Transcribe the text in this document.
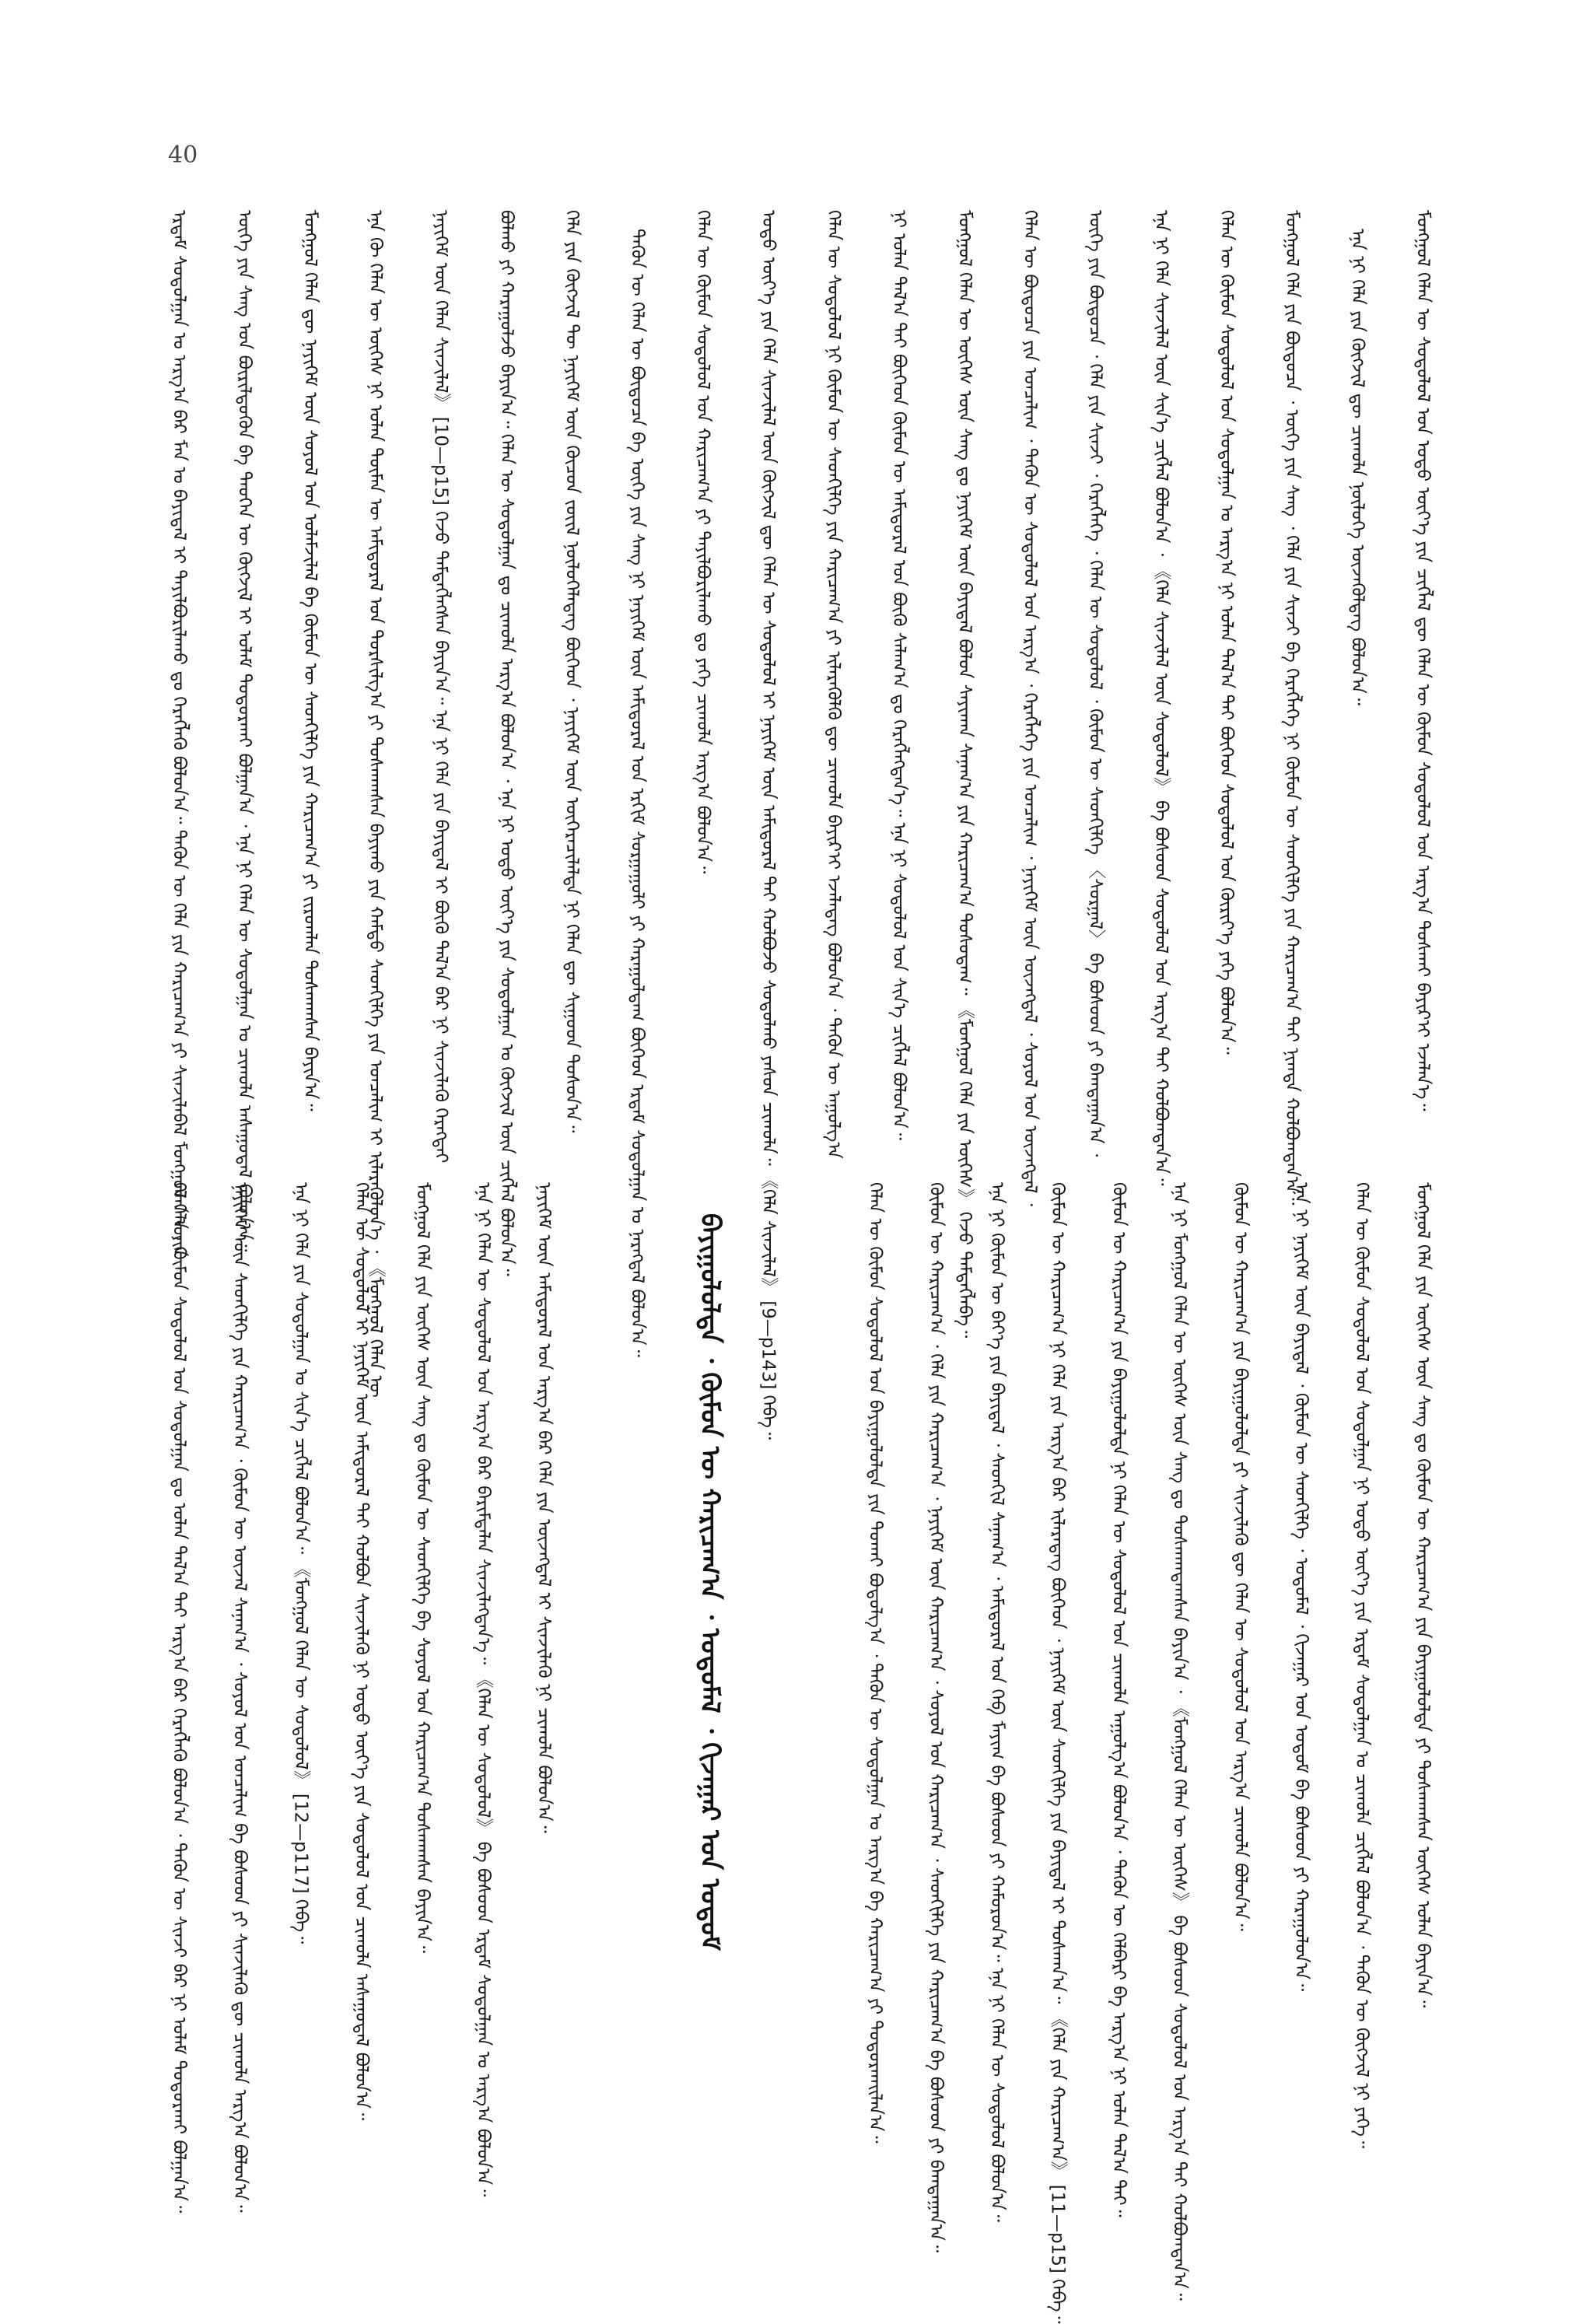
40
ᠡᠷᠳᠡᠮ ᠰᠤᠳᠤᠯᠭᠠᠨ ᠤ ᠠᠷᠭ᠎ᠠ ᠪᠠᠷ ᠮᠠᠨ ᠤ ᠪᠠᠶᠢᠳᠠᠯ ᠢ ᠲᠠᠶᠢᠯᠪᠤᠷᠢᠯᠠᠬᠤ ᠳᠤ ᠬᠡᠷᠡᠭᠯᠡᠬᠦ ᠪᠣᠯᠤᠨ᠎ᠠ᠃ ᠲᠡᠭᠦᠨ ᠦ ᠬᠡᠯᠡ ᠶᠢᠨ ᠬᠠᠷᠢᠴᠠᠭ᠎ᠠ ᠶᠢ ᠰᠢᠨᠵᠢᠯᠡᠪᠡᠯ ᠮᠣᠩᠭᠤᠯ ᠬᠡᠯᠡ ᠶᠢᠨ	ᠦᠭᠡ ᠶᠢᠨ ᠰᠠᠩ ᠤᠨ ᠪᠦᠷᠢᠯᠳᠦᠬᠦᠨ ᠪᠠ ᠲᠡᠦᠬᠡᠨ ᠦ ᠬᠦᠭᠵᠢᠯ ᠢ ᠤᠯᠠᠮ ᠲᠣᠳᠣᠷᠬᠠᠢ ᠪᠣᠯᠭᠠᠨ᠎ᠠ ᠂ ᠡᠨᠡ ᠨᠢ ᠬᠡᠯᠡᠨ ᠦ ᠰᠤᠳᠤᠯᠭᠠᠨ ᠤ ᠴᠢᠬᠤᠯᠠ ᠠᠰᠠᠭᠤᠳᠠᠯ ᠪᠣᠯᠤᠨ᠎ᠠ᠃	ᠮᠣᠩᠭᠤᠯ ᠬᠡᠯᠡᠨ ᠳᠦ ᠨᠡᠶᠢᠭᠡᠮ ᠦᠨ ᠰᠣᠶᠣᠯ ᠤᠨ ᠤᠯᠠᠮᠵᠢᠯᠠᠯ ᠪᠠ ᠬᠦᠮᠦᠨ ᠦ ᠰᠡᠳᠬᠢᠯᠭᠡ ᠶᠢᠨ ᠬᠠᠷᠢᠴᠠᠭ᠎ᠠ ᠶᠢ ᠵᠢᠷᠤᠭᠯᠠᠨ ᠲᠤᠰᠬᠠᠭᠰᠠᠨ ᠪᠠᠶᠢᠨ᠎ᠠ᠃	ᠡᠨᠡ ᠬᠦ ᠬᠡᠯᠡᠨ ᠦ ᠦᠭᠡᠰ ᠨᠢ ᠣᠯᠠᠨ ᠲᠦᠮᠡᠨ ᠦ ᠠᠮᠢᠳᠤᠷᠠᠯ ᠤᠨ ᠲᠤᠷᠰᠢᠯᠭ᠎ᠠ ᠶᠢ ᠲᠤᠰᠬᠠᠭᠰᠠᠨ ᠪᠠᠶᠢᠬᠤ ᠶᠢᠨ ᠬᠠᠮᠲᠤ ᠰᠡᠳᠬᠢᠯᠭᠡ ᠶᠢᠨ ᠣᠨᠴᠠᠯᠢᠭ ᠢ ᠢᠯᠡᠷᠡᠭᠦᠯᠦᠨ᠎ᠡ ᠂ 《ᠮᠣᠩᠭᠤᠯ ᠬᠡᠯᠡᠨ ᠦ	ᠨᠡᠶᠢᠭᠡᠮ ᠦᠨ ᠬᠡᠯᠡᠨ ᠰᠢᠨᠵᠢᠯᠡᠯ》 [10—p15] ᠭᠡᠵᠦ ᠲᠡᠮᠳᠡᠭᠯᠡᠭᠰᠡᠨ ᠪᠠᠶᠢᠨ᠎ᠠ᠃ ᠡᠨᠡ ᠨᠢ ᠬᠡᠯᠡ ᠶᠢᠨ ᠪᠠᠶᠢᠳᠠᠯ ᠢ ᠪᠦᠬᠦ ᠲᠠᠯ᠎ᠠ ᠪᠠᠷ ᠨᠢ ᠰᠢᠨᠵᠢᠯᠡᠬᠦ ᠬᠡᠷᠡᠭᠲᠡᠢ	ᠪᠣᠯᠬᠤ ᠶᠢ ᠬᠠᠷᠠᠭᠤᠯᠵᠤ ᠪᠠᠶᠢᠨ᠎ᠠ᠃ ᠬᠡᠯᠡᠨ ᠦ ᠰᠤᠳᠤᠯᠭᠠᠨ ᠳᠤ ᠴᠢᠬᠤᠯᠠ ᠠᠷᠭ᠎ᠠ ᠪᠣᠯᠤᠨ᠎ᠠ ᠂ ᠡᠨᠡ ᠨᠢ ᠣᠳᠣ ᠦᠶ᠎ᠡ ᠶᠢᠨ ᠰᠤᠳᠤᠯᠭᠠᠨ ᠤ ᠬᠦᠭᠵᠢᠯ ᠦᠨ ᠴᠢᠭᠯᠡᠯ ᠪᠣᠯᠤᠨ᠎ᠠ᠃	ᠬᠡᠯᠡ ᠶᠢᠨ ᠬᠦᠭᠵᠢᠯ ᠲᠦ ᠨᠡᠶᠢᠭᠡᠮ ᠦᠨ ᠬᠦᠴᠦᠨ ᠵᠦᠢᠯ ᠨᠥᠯᠥᠭᠡᠯᠡᠳᠡᠭ ᠪᠥᠭᠡᠳ ᠂ ᠨᠡᠶᠢᠭᠡᠮ ᠦᠨ ᠥᠭᠡᠷᠡᠴᠢᠯᠡᠯᠲᠡ ᠨᠢ ᠬᠡᠯᠡᠨ ᠳᠦ ᠰᠢᠭᠤᠳ ᠲᠤᠰᠤᠨ᠎ᠠ᠃	ᠲᠡᠭᠦᠨ ᠦ ᠬᠡᠯᠡᠨ ᠦ ᠪᠦᠲᠦᠴᠡ ᠪᠠ ᠦᠭᠡ ᠶᠢᠨ ᠰᠠᠩ ᠨᠢ ᠨᠡᠶᠢᠭᠡᠮ ᠦᠨ ᠠᠮᠢᠳᠤᠷᠠᠯ ᠤᠨ ᠡᠷᠬᠢᠮ ᠰᠤᠷᠭᠠᠭᠤᠯᠢ ᠶᠢ ᠬᠠᠷᠠᠭᠤᠯᠳᠠᠭ ᠪᠥᠭᠡᠳ ᠡᠷᠳᠡᠮ ᠰᠤᠳᠤᠯᠭᠠᠨ ᠤ ᠨᠡᠷᠡᠭᠳᠡᠯ ᠪᠣᠯᠤᠨ᠎ᠠ᠃	ᠬᠡᠯᠡᠨ ᠦ ᠬᠦᠮᠦᠨ ᠰᠤᠳᠤᠯᠤᠯ ᠤᠨ ᠬᠠᠷᠢᠴᠠᠭ᠎ᠠ ᠶᠢ ᠲᠠᠶᠢᠯᠪᠤᠷᠢᠯᠠᠬᠤ ᠳᠤ ᠶᠡᠬᠡ ᠴᠢᠬᠤᠯᠠ ᠠᠷᠭ᠎ᠠ ᠪᠣᠯᠤᠨ᠎ᠠ᠃	ᠣᠳᠣ ᠦᠶ᠎ᠡ ᠶᠢᠨ ᠬᠡᠯᠡ ᠰᠢᠨᠵᠢᠯᠡᠯ ᠦᠨ ᠬᠥᠭᠵᠢᠯ ᠳᠦ ᠬᠡᠯᠡᠨ ᠦ ᠰᠤᠳᠤᠯᠤᠯ ᠢ ᠨᠡᠶᠢᠭᠡᠮ ᠦᠨ ᠠᠮᠢᠳᠤᠷᠠᠯ ᠲᠠᠢ ᠬᠣᠯᠪᠤᠵᠤ ᠰᠤᠳᠤᠯᠬᠤ ᠶᠠᠰᠤᠨ ᠴᠢᠬᠤᠯᠠ᠃ 《ᠬᠡᠯᠡ ᠰᠢᠨᠵᠢᠯᠡᠯ》 [9—p143] ᠭᠡᠪᠡ᠃	ᠬᠡᠯᠡᠨ ᠦ ᠰᠤᠳᠤᠯᠤᠯ ᠨᠢ ᠬᠦᠮᠦᠨ ᠦ ᠰᠡᠳᠬᠢᠯᠭᠡ ᠶᠢᠨ ᠬᠠᠷᠢᠴᠠᠭ᠎ᠠ ᠶᠢ ᠢᠯᠡᠷᠡᠭᠦᠯᠬᠦ ᠳᠦ ᠴᠢᠬᠤᠯᠠ ᠪᠠᠶᠢᠷ᠎ᠢ ᠡᠵᠡᠯᠡᠳᠡᠭ ᠪᠣᠯᠤᠨ᠎ᠠ ᠂ ᠲᠡᠭᠦᠨ ᠦ ᠠᠭᠤᠯᠭ᠎ᠠ	ᠨᠢ ᠣᠯᠠᠨ ᠲᠠᠯ᠎ᠠ ᠲᠠᠢ ᠪᠥᠭᠡᠳ ᠬᠦᠮᠦᠨ ᠦ ᠠᠮᠢᠳᠤᠷᠠᠯ ᠤᠨ ᠪᠦᠬᠦ ᠰᠠᠯᠠᠭ᠎ᠠ ᠳᠤ ᠬᠡᠷᠡᠭᠯᠡᠭᠳᠡᠨ᠎ᠡ᠃ ᠡᠨᠡ ᠨᠢ ᠰᠤᠳᠤᠯᠤᠯ ᠤᠨ ᠰᠢᠨ᠎ᠡ ᠴᠢᠭᠯᠡᠯ ᠪᠣᠯᠤᠨ᠎ᠠ᠃	ᠮᠣᠩᠭᠤᠯ ᠬᠡᠯᠡᠨ ᠦ ᠦᠭᠡᠰ ᠦᠨ ᠰᠠᠩ ᠳᠤ ᠨᠡᠶᠢᠭᠡᠮ ᠦᠨ ᠪᠠᠶᠢᠳᠠᠯ ᠪᠣᠯᠤᠨ ᠰᠠᠶᠢᠬᠠᠨ ᠰᠠᠨᠠᠭ᠎ᠠ ᠶᠢᠨ ᠬᠠᠷᠢᠴᠠᠭ᠎ᠠ ᠲᠤᠰᠤᠳᠠᠭ᠃ 《ᠮᠣᠩᠭᠤᠯ ᠬᠡᠯᠡ ᠶᠢᠨ ᠦᠭᠡᠰ》 ᠭᠡᠵᠦ ᠲᠡᠮᠳᠡᠭᠯᠡᠪᠡ᠃	ᠬᠡᠯᠡᠨ ᠦ ᠪᠦᠲᠦᠴᠡ ᠶᠢᠨ ᠣᠨᠴᠠᠯᠢᠭ ᠂ ᠲᠡᠭᠦᠨ ᠦ ᠰᠤᠳᠤᠯᠤᠯ ᠤᠨ ᠠᠷᠭ᠎ᠠ ᠂ ᠬᠡᠷᠡᠭᠯᠡᠭᠡ ᠶᠢᠨ ᠣᠨᠴᠠᠯᠢᠭ ᠂ ᠨᠡᠶᠢᠭᠡᠮ ᠦᠨ ᠦᠵᠡᠭᠳᠡᠯ ᠂ ᠰᠣᠶᠣᠯ ᠤᠨ ᠦᠵᠡᠭᠳᠡᠯ ᠂	ᠦᠭᠡ ᠶᠢᠨ ᠪᠦᠲᠦᠴᠡ ᠂ ᠬᠡᠯᠡ ᠶᠢᠨ ᠰᠢᠨᠵᠢ ᠂ ᠬᠡᠷᠡᠭᠯᠡᠭᠡ ᠂ ᠬᠡᠯᠡᠨ ᠦ ᠰᠤᠳᠤᠯᠤᠯ ᠂ ᠬᠦᠮᠦᠨ ᠦ ᠰᠡᠳᠬᠢᠯᠭᠡ 〈ᠰᠤᠷᠭᠠᠯ〉 ᠪᠠ ᠪᠤᠰᠤᠳ ᠶᠢ ᠪᠠᠭᠲᠠᠭᠠᠨ᠎ᠠ ᠂	ᠡᠨᠡ ᠨᠢ ᠬᠡᠯᠡ ᠰᠢᠨᠵᠢᠯᠡᠯ ᠦᠨ ᠰᠢᠨ᠎ᠡ ᠴᠢᠭᠯᠡᠯ ᠪᠣᠯᠤᠨ᠎ᠠ ᠂ 《ᠬᠡᠯᠡ ᠰᠢᠨᠵᠢᠯᠡᠯ ᠦᠨ ᠰᠤᠳᠤᠯᠤᠯ》 ᠪᠠ ᠪᠤᠰᠤᠳ ᠰᠤᠳᠤᠯᠤᠯ ᠤᠨ ᠠᠷᠭ᠎ᠠ ᠲᠠᠢ ᠬᠣᠯᠪᠣᠭᠳᠠᠨ᠎ᠠ᠃	ᠬᠡᠯᠡᠨ ᠦ ᠬᠦᠮᠦᠨ ᠰᠤᠳᠤᠯᠤᠯ ᠤᠨ ᠰᠤᠳᠤᠯᠭᠠᠨ ᠤ ᠠᠷᠭ᠎ᠠ ᠨᠢ ᠣᠯᠠᠨ ᠲᠠᠯ᠎ᠠ ᠲᠠᠢ ᠪᠥᠭᠡᠳ ᠰᠤᠳᠤᠯᠤᠯ ᠤᠨ ᠬᠦᠷᠢᠶ᠎ᠡ ᠶᠡᠬᠡ ᠪᠣᠯᠤᠨ᠎ᠠ᠃	ᠮᠣᠩᠭᠤᠯ ᠬᠡᠯᠡ ᠶᠢᠨ ᠪᠦᠲᠦᠴᠡ ᠂ ᠦᠭᠡ ᠶᠢᠨ ᠰᠠᠩ ᠂ ᠬᠡᠯᠡ ᠶᠢᠨ ᠰᠢᠨᠵᠢ ᠪᠠ ᠬᠡᠷᠡᠭᠯᠡᠭᠡ ᠨᠢ ᠬᠦᠮᠦᠨ ᠦ ᠰᠡᠳᠬᠢᠯᠭᠡ ᠶᠢᠨ ᠬᠠᠷᠢᠴᠠᠭ᠎ᠠ ᠲᠠᠢ ᠨᠢᠭᠲᠠ ᠬᠣᠯᠪᠣᠭᠳᠠᠨ᠎ᠠ᠃	ᠡᠨᠡ ᠨᠢ ᠬᠡᠯᠡ ᠶᠢᠨ ᠬᠦᠭᠵᠢᠯ ᠳᠦ ᠴᠢᠬᠤᠯᠠ ᠨᠥᠯᠥᠭᠡ ᠦᠵᠡᠭᠦᠯᠳᠡᠭ ᠪᠣᠯᠤᠨ᠎ᠠ᠃	ᠮᠣᠩᠭᠤᠯ ᠬᠡᠯᠡᠨ ᠦ ᠰᠤᠳᠤᠯᠤᠯ ᠤᠨ ᠣᠳᠣ ᠦᠶ᠎ᠡ ᠶᠢᠨ ᠴᠢᠭᠯᠡᠯ ᠳᠦ ᠬᠡᠯᠡᠨ ᠦ ᠬᠦᠮᠦᠨ ᠰᠤᠳᠤᠯᠤᠯ ᠤᠨ ᠠᠷᠭ᠎ᠠ ᠲᠤᠰᠬᠠᠢ ᠪᠠᠶᠢᠷ᠎ᠢ ᠡᠵᠡᠯᠡᠨ᠎ᠡ᠃
ᠬᠡᠯᠡᠨ ᠦ ᠬᠦᠮᠦᠨ ᠰᠤᠳᠤᠯᠤᠯ ᠤᠨ ᠰᠤᠳᠤᠯᠭᠠᠨ ᠳᠤ ᠣᠯᠠᠨ ᠲᠠᠯ᠎ᠠ ᠲᠠᠢ ᠠᠷᠭ᠎ᠠ ᠪᠠᠷ ᠬᠡᠷᠡᠭᠯᠡᠬᠦ ᠪᠣᠯᠤᠨ᠎ᠠ ᠂ ᠲᠡᠭᠦᠨ ᠦ ᠰᠢᠨᠵᠢ ᠪᠠᠷ ᠨᠢ ᠤᠯᠠᠮ ᠲᠣᠳᠣᠷᠬᠠᠢ ᠪᠣᠯᠭᠠᠨ᠎ᠠ᠃ ᠨᠡᠶᠢᠭᠡᠮ ᠦᠨ ᠰᠡᠳᠬᠢᠯᠭᠡ ᠶᠢᠨ ᠬᠠᠷᠢᠴᠠᠭ᠎ᠠ ᠂ ᠬᠦᠮᠦᠨ ᠦ ᠦᠵᠡᠯ ᠰᠠᠨᠠᠭ᠎ᠠ ᠂ ᠰᠣᠶᠣᠯ ᠤᠨ ᠣᠨᠴᠠᠯᠢᠭ ᠪᠠ ᠪᠤᠰᠤᠳ ᠶᠢ ᠰᠢᠨᠵᠢᠯᠡᠬᠦ ᠳᠦ ᠴᠢᠬᠤᠯᠠ ᠠᠷᠭ᠎ᠠ ᠪᠣᠯᠤᠨ᠎ᠠ᠃ ᠡᠨᠡ ᠨᠢ ᠬᠡᠯᠡ ᠶᠢᠨ ᠰᠤᠳᠤᠯᠭᠠᠨ ᠤ ᠰᠢᠨ᠎ᠡ ᠴᠢᠭᠯᠡᠯ ᠪᠣᠯᠤᠨ᠎ᠠ᠃ 《ᠮᠣᠩᠭᠤᠯ ᠬᠡᠯᠡᠨ ᠦ ᠰᠤᠳᠤᠯᠤᠯ》 [12—p117] ᠭᠡᠪᠡ᠃ ᠬᠡᠯᠡᠨ ᠦ ᠰᠤᠳᠤᠯᠤᠯ ᠢ ᠨᠡᠶᠢᠭᠡᠮ ᠦᠨ ᠠᠮᠢᠳᠤᠷᠠᠯ ᠲᠠᠢ ᠬᠣᠯᠪᠣᠨ ᠰᠢᠨᠵᠢᠯᠡᠬᠦ ᠨᠢ ᠣᠳᠣ ᠦᠶ᠎ᠡ ᠶᠢᠨ ᠰᠤᠳᠤᠯᠤᠯ ᠤᠨ ᠴᠢᠬᠤᠯᠠ ᠠᠰᠠᠭᠤᠳᠠᠯ ᠪᠣᠯᠤᠨ᠎ᠠ᠃ ᠮᠣᠩᠭᠤᠯ ᠬᠡᠯᠡ ᠶᠢᠨ ᠦᠭᠡᠰ ᠦᠨ ᠰᠠᠩ ᠳᠤ ᠬᠦᠮᠦᠨ ᠦ ᠰᠡᠳᠬᠢᠯᠭᠡ ᠪᠠ ᠰᠣᠶᠣᠯ ᠤᠨ ᠬᠠᠷᠢᠴᠠᠭ᠎ᠠ ᠲᠤᠰᠬᠠᠭᠰᠠᠨ ᠪᠠᠶᠢᠨ᠎ᠠ᠃ ᠡᠨᠡ ᠨᠢ ᠬᠡᠯᠡᠨ ᠦ ᠰᠤᠳᠤᠯᠤᠯ ᠤᠨ ᠠᠷᠭ᠎ᠠ ᠪᠠᠷ ᠪᠠᠷᠢᠮᠲᠠᠯᠠᠨ ᠰᠢᠨᠵᠢᠯᠡᠭᠳᠡᠨ᠎ᠡ᠃ 《ᠬᠡᠯᠡᠨ ᠦ ᠰᠤᠳᠤᠯᠤᠯ》 ᠪᠠ ᠪᠤᠰᠤᠳ ᠡᠷᠳᠡᠮ ᠰᠤᠳᠤᠯᠭᠠᠨ ᠤ ᠠᠷᠭ᠎ᠠ ᠪᠣᠯᠤᠨ᠎ᠠ᠃ ᠨᠡᠶᠢᠭᠡᠮ ᠦᠨ ᠠᠮᠢᠳᠤᠷᠠᠯ ᠤᠨ ᠠᠷᠭ᠎ᠠ ᠪᠠᠷ ᠬᠡᠯᠡ ᠶᠢᠨ ᠦᠵᠡᠭᠳᠡᠯ ᠢ ᠰᠢᠨᠵᠢᠯᠡᠬᠦ ᠨᠢ ᠴᠢᠬᠤᠯᠠ ᠪᠣᠯᠤᠨ᠎ᠠ᠃	ᠪᠠᠶᠢᠭᠤᠯᠤᠯᠲᠠ ᠂ ᠬᠦᠮᠦᠨ ᠦ ᠬᠠᠷᠢᠴᠠᠭ᠎ᠠ ᠂ ᠣᠳᠤᠮᠠᠯ ᠂ ᠬᠢᠵᠠᠭᠠᠷ ᠤᠨ ᠤᠳᠤᠮ	ᠬᠡᠯᠡᠨ ᠦ ᠬᠦᠮᠦᠨ ᠰᠤᠳᠤᠯᠤᠯ ᠤᠨ ᠪᠠᠶᠢᠭᠤᠯᠤᠯᠲᠠ ᠶᠢᠨ ᠲᠤᠬᠠᠢ ᠪᠣᠳᠤᠯᠭ᠎ᠠ ᠂ ᠲᠡᠭᠦᠨ ᠦ ᠰᠤᠳᠤᠯᠭᠠᠨ ᠤ ᠠᠷᠭ᠎ᠠ ᠪᠠ ᠬᠠᠷᠢᠴᠠᠭ᠎ᠠ ᠶᠢ ᠲᠣᠳᠣᠷᠬᠠᠢᠯᠠᠨ᠎ᠠ᠃ ᠬᠦᠮᠦᠨ ᠦ ᠬᠠᠷᠢᠴᠠᠭ᠎ᠠ ᠂ ᠬᠡᠯᠡ ᠶᠢᠨ ᠬᠠᠷᠢᠴᠠᠭ᠎ᠠ ᠂ ᠨᠡᠶᠢᠭᠡᠮ ᠦᠨ ᠬᠠᠷᠢᠴᠠᠭ᠎ᠠ ᠂ ᠰᠣᠶᠣᠯ ᠤᠨ ᠬᠠᠷᠢᠴᠠᠭ᠎ᠠ ᠂ ᠰᠡᠳᠬᠢᠯᠭᠡ ᠶᠢᠨ ᠬᠠᠷᠢᠴᠠᠭ᠎ᠠ ᠪᠠ ᠪᠤᠰᠤᠳ ᠶᠢ ᠪᠠᠭᠲᠠᠭᠠᠨ᠎ᠠ᠃ ᠡᠨᠡ ᠨᠢ ᠬᠦᠮᠦᠨ ᠦ ᠪᠡᠶ᠎ᠡ ᠶᠢᠨ ᠪᠠᠶᠢᠳᠠᠯ ᠂ ᠰᠡᠳᠬᠢᠯ ᠰᠠᠨᠠᠭ᠎ᠠ ᠂ ᠠᠮᠢᠳᠤᠷᠠᠯ ᠤᠨ ᠬᠡᠪ ᠮᠠᠶᠢᠭ ᠪᠠ ᠪᠤᠰᠤᠳ ᠶᠢ ᠬᠠᠮᠤᠷᠤᠨ᠎ᠠ᠃ ᠡᠨᠡ ᠨᠢ ᠬᠡᠯᠡᠨ ᠦ ᠰᠤᠳᠤᠯᠤᠯ ᠪᠣᠯᠤᠨ᠎ᠠ᠃ ᠬᠦᠮᠦᠨ ᠦ ᠬᠠᠷᠢᠴᠠᠭ᠎ᠠ ᠨᠢ ᠬᠡᠯᠡ ᠶᠢᠨ ᠠᠷᠭ᠎ᠠ ᠪᠠᠷ ᠢᠯᠡᠷᠡᠳᠡᠭ ᠪᠥᠭᠡᠳ ᠂ ᠨᠡᠶᠢᠭᠡᠮ ᠦᠨ ᠰᠡᠳᠬᠢᠯᠭᠡ ᠶᠢᠨ ᠪᠠᠶᠢᠳᠠᠯ ᠢ ᠲᠤᠰᠬᠠᠨ᠎ᠠ᠃ 《ᠬᠡᠯᠡ ᠶᠢᠨ ᠬᠠᠷᠢᠴᠠᠭ᠎ᠠ》 [11—p15] ᠭᠡᠪᠡ᠃ ᠬᠦᠮᠦᠨ ᠦ ᠬᠠᠷᠢᠴᠠᠭ᠎ᠠ ᠶᠢᠨ ᠪᠠᠶᠢᠭᠤᠯᠤᠯᠲᠠ ᠨᠢ ᠬᠡᠯᠡᠨ ᠦ ᠰᠤᠳᠤᠯᠤᠯ ᠤᠨ ᠴᠢᠬᠤᠯᠠ ᠠᠭᠤᠯᠭ᠎ᠠ ᠪᠣᠯᠤᠨ᠎ᠠ ᠂ ᠲᠡᠭᠦᠨ ᠦ ᠬᠡᠯᠪᠡᠷᠢ ᠪᠠ ᠠᠷᠭ᠎ᠠ ᠨᠢ ᠣᠯᠠᠨ ᠲᠠᠯ᠎ᠠ ᠲᠠᠢ᠃ ᠡᠨᠡ ᠨᠢ ᠮᠣᠩᠭᠤᠯ ᠬᠡᠯᠡᠨ ᠦ ᠦᠭᠡᠰ ᠦᠨ ᠰᠠᠩ ᠳᠤ ᠲᠤᠰᠬᠠᠭᠳᠠᠭᠰᠠᠨ ᠪᠠᠶᠢᠨ᠎ᠠ ᠂ 《ᠮᠣᠩᠭᠤᠯ ᠬᠡᠯᠡᠨ ᠦ ᠦᠭᠡᠰ》 ᠪᠠ ᠪᠤᠰᠤᠳ ᠰᠤᠳᠤᠯᠤᠯ ᠤᠨ ᠠᠷᠭ᠎ᠠ ᠲᠠᠢ ᠬᠣᠯᠪᠣᠭᠳᠠᠨ᠎ᠠ᠃ ᠬᠦᠮᠦᠨ ᠦ ᠬᠠᠷᠢᠴᠠᠭ᠎ᠠ ᠶᠢᠨ ᠪᠠᠶᠢᠭᠤᠯᠤᠯᠲᠠ ᠶᠢ ᠰᠢᠨᠵᠢᠯᠡᠬᠦ ᠳᠦ ᠬᠡᠯᠡᠨ ᠦ ᠰᠤᠳᠤᠯᠤᠯ ᠤᠨ ᠠᠷᠭ᠎ᠠ ᠴᠢᠬᠤᠯᠠ ᠪᠣᠯᠤᠨ᠎ᠠ᠃ ᠡᠨᠡ ᠨᠢ ᠨᠡᠶᠢᠭᠡᠮ ᠦᠨ ᠪᠠᠶᠢᠳᠠᠯ ᠂ ᠬᠦᠮᠦᠨ ᠦ ᠰᠡᠳᠬᠢᠯᠭᠡ ᠂ ᠣᠳᠤᠮᠠᠯ ᠂ ᠬᠢᠵᠠᠭᠠᠷ ᠤᠨ ᠤᠳᠤᠮ ᠪᠠ ᠪᠤᠰᠤᠳ ᠶᠢ ᠬᠠᠷᠠᠭᠤᠯᠤᠨ᠎ᠠ᠃ ᠬᠡᠯᠡᠨ ᠦ ᠬᠦᠮᠦᠨ ᠰᠤᠳᠤᠯᠤᠯ ᠤᠨ ᠰᠤᠳᠤᠯᠭᠠᠨ ᠨᠢ ᠣᠳᠣ ᠦᠶ᠎ᠡ ᠶᠢᠨ ᠡᠷᠳᠡᠮ ᠰᠤᠳᠤᠯᠭᠠᠨ ᠤ ᠴᠢᠬᠤᠯᠠ ᠴᠢᠭᠯᠡᠯ ᠪᠣᠯᠤᠨ᠎ᠠ ᠂ ᠲᠡᠭᠦᠨ ᠦ ᠬᠦᠭᠵᠢᠯ ᠨᠢ ᠶᠡᠬᠡ᠃ ᠮᠣᠩᠭᠤᠯ ᠬᠡᠯᠡ ᠶᠢᠨ ᠦᠭᠡᠰ ᠦᠨ ᠰᠠᠩ ᠳᠤ ᠬᠦᠮᠦᠨ ᠦ ᠬᠠᠷᠢᠴᠠᠭ᠎ᠠ ᠶᠢᠨ ᠪᠠᠶᠢᠭᠤᠯᠤᠯᠲᠠ ᠶᠢ ᠲᠤᠰᠬᠠᠭᠰᠠᠨ ᠦᠭᠡᠰ ᠣᠯᠠᠨ ᠪᠠᠶᠢᠨ᠎ᠠ᠃
